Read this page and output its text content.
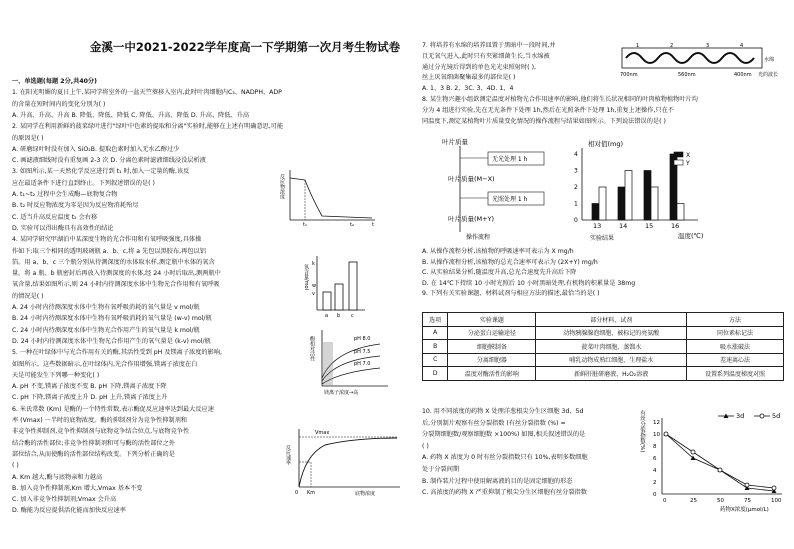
金溪一中2021-2022学年度高一下学期第一次月考生物试卷
一、单选题(每题 2分,共40分)
1. 在阳光明媚的夏日上午,某同学将室外的一盆天竺葵移入室内,此时叶肉细胞内C₃、NADPH、ADP
的含量在短时间内的变化分别为( )
A. 升高、升高、升高 B. 降低、降低、降低 C. 降低、升高、降低 D. 升高、降低、升高
2. 某同学在利用新鲜的菠菜绿叶进行"绿叶中色素的提取和分离"实验时,能够在上述有明确意思,可能
的原因是( )
A. 研磨绿叶时没有加入 SiO₂B. 提取色素时加入无水乙醇过少
C. 画滤液细线时没有重复画 2-3 次 D. 分离色素时滤液细线浸没层析液
3. 如图所示,某一天然化学反应进行到 t₁ 时,加入一定量的酶,该反
应在最适条件下进行直到终止。下列叙述错误的是( )
A. t₁~t₂ 过程中会生成酶—底物复合物
B. t₂ 时反应物浓度为零是因为反应物消耗殆尽
C. 适当升高反应温度 t₂ 会右移
D. 实验可以得出酶具有高效性的结论
4. 某同学研究甲湖泊中某深度生物的光合作用和有氧呼吸强度,具体操
作如下:取三个相同的透明玻璃瓶 a、b、c,将 a 先包以黑胶布,再包以铝
箔。用 a、b、c 三个瓶分别从待测深度的水体取水样,测定瓶中水体的氧含
量。将 a 瓶、b 瓶密封后再放入待测深度的水体,经 24 小时后取出,测两瓶中
氧含量,结果如图所示,则 24 小时内待测深度水体中生物光合作用和有氧呼吸
的情况是( )
A. 24 小时内待测深度水体中生物有氧呼吸消耗的氧气量是 v mol/瓶
B. 24 小时内待测深度水体中生物有氧呼吸消耗的氧气量是 (w-v) mol/瓶
C. 24 小时内待测深度水体中生物光合作用产生的氧气量是 k mol/瓶
D. 24 小时内待测深度水体中生物光合作用产生的氧气量是 (k-v) mol/瓶
5. 一种在叶绿体中与光合作用有关的酶,其活性受到 pH 及镁离子浓度的影响,
如图所示。这些数据暗示,在叶绿体内,光合作用增强,镁离子浓度在白
天是可能发生下列哪一种变化( )
A. pH 不变,镁离子浓度不变 B. pH 下降,镁离子浓度下降
C. pH 下降,镁离子浓度上升 D. pH 上升,镁离子浓度上升
6. 米氏常数 (Km) 是酶的一个特性常数,表示酶促反应速率达到最大反应速
率 (Vmax) 一半时的底物浓度。酶的抑制剂分为竞争性抑制剂和
非竞争性抑制剂,竞争性抑制剂与底物竞争结合位点,与底物竞争性
结合酶的活性部位;非竞争性抑制剂和可与酶的活性部位之外
部位结合,从而使酶的活性部位结构改变。下列分析正确的是
( )
A. Km 越大,酶与底物亲和力越高
B. 加入竞争性抑制剂,Km 增大,Vmax 基本不变
C. 加入非竞争性抑制剂,Vmax 会升高
D. 酶能为反应提供活化能而加快反应速率
7. 将培养有水绵的培养皿置于黑暗中一段时间,并
且无氧气进入,此时只有夹紧细菌生长,当水绵被
通过分光镜后得到的单色光光束照射时( ),
丝上厌氧细菌聚集最多的部位是( )
A. 1、3 B. 2、3C. 3、4D. 1、4
8. 某生物兴趣小组欲测定温度对植物光合作用速率的影响,他们将生长状况相同的叶肉植物植物叶片均
分为 4 组进行实验,先在无光条件下处理 1h,然后在光照条件下处理 1h,重复上述操作,只在不
同温度下,测定某植物叶片质量变化情况的操作流程与结果如图所示。下列说法错误的是( )
A. 从操作流程分析,该植物的呼吸速率可表示为 X mg/h
B. 从操作流程分析,该植物的总光合速率可表示为 (2X+Y) mg/h
C. 从实验结果分析,随温度升高,总光合速度先升高后下降
D. 在 14℃下持续 10 小时光照后 10 小时黑暗处理,有机物的积累量是 38mg
9. 下列有关实验课题、材料试剂与相应方法的描述,最恰当的是( )
10. 用不同浓度的药物 X 处理洋葱根尖分生区细胞 3d、5d
后,分别制片观察有丝分裂指数 (有丝分裂指数 (%) =
分裂期细胞数/观察细胞数 ×100%) 如图,相关叙述错误的是
( )
A. 药物 X 浓度为 0 时有丝分裂指数只有 10%,表明多数细胞
处于分裂间期
B. 制作装片过程中使用解离液的目的是固定细胞的形态
C. 高浓度的药物 X 严重抑制了根尖分生区细胞有丝分裂指数
反应物浓度
t₁	t₂	t
氧含量/mol k
w
v
a b c
酶相对活性	pH 8.0
pH 7.5
pH 7.0
镁离子浓度→高
Vmax
反应速率
0 Km	底物浓度
1	2	3	4
水绵
700nm	560nm	400nm 光的波长
叶片质量
无光处理 1 h
叶片质量(M−X)
光照处理 1 h
叶片质量(M+Y)
操作流程
相对值(mg)
0
1
2
3
4
13	14	15	16
温度(℃)
X
Y
实验结果
选项	实验课题	部分材料、试剂	方法
A	分泌蛋白运输途径	动物胰腺腺泡细胞、被标记的亮氨酸	同位素标记法
B	细胞膜制备	菠菜叶肉细胞、蒸馏水	吸水涨破法
C	分离细胞器	哺乳动物成熟红细胞、生理盐水	差速离心法
D	温度对酶活性的影响	新鲜肝脏研磨液、H₂O₂溶液	设置系列温度梯度对照
有丝分裂指数(%)
0
2
4
6
8
10
12
0	25	50	75	100
3d	5d
药物X浓度(μmol/L)
